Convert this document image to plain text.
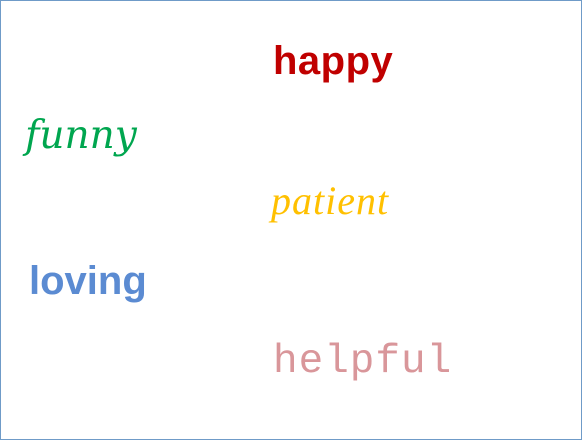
happy
funny
patient
loving
helpful
